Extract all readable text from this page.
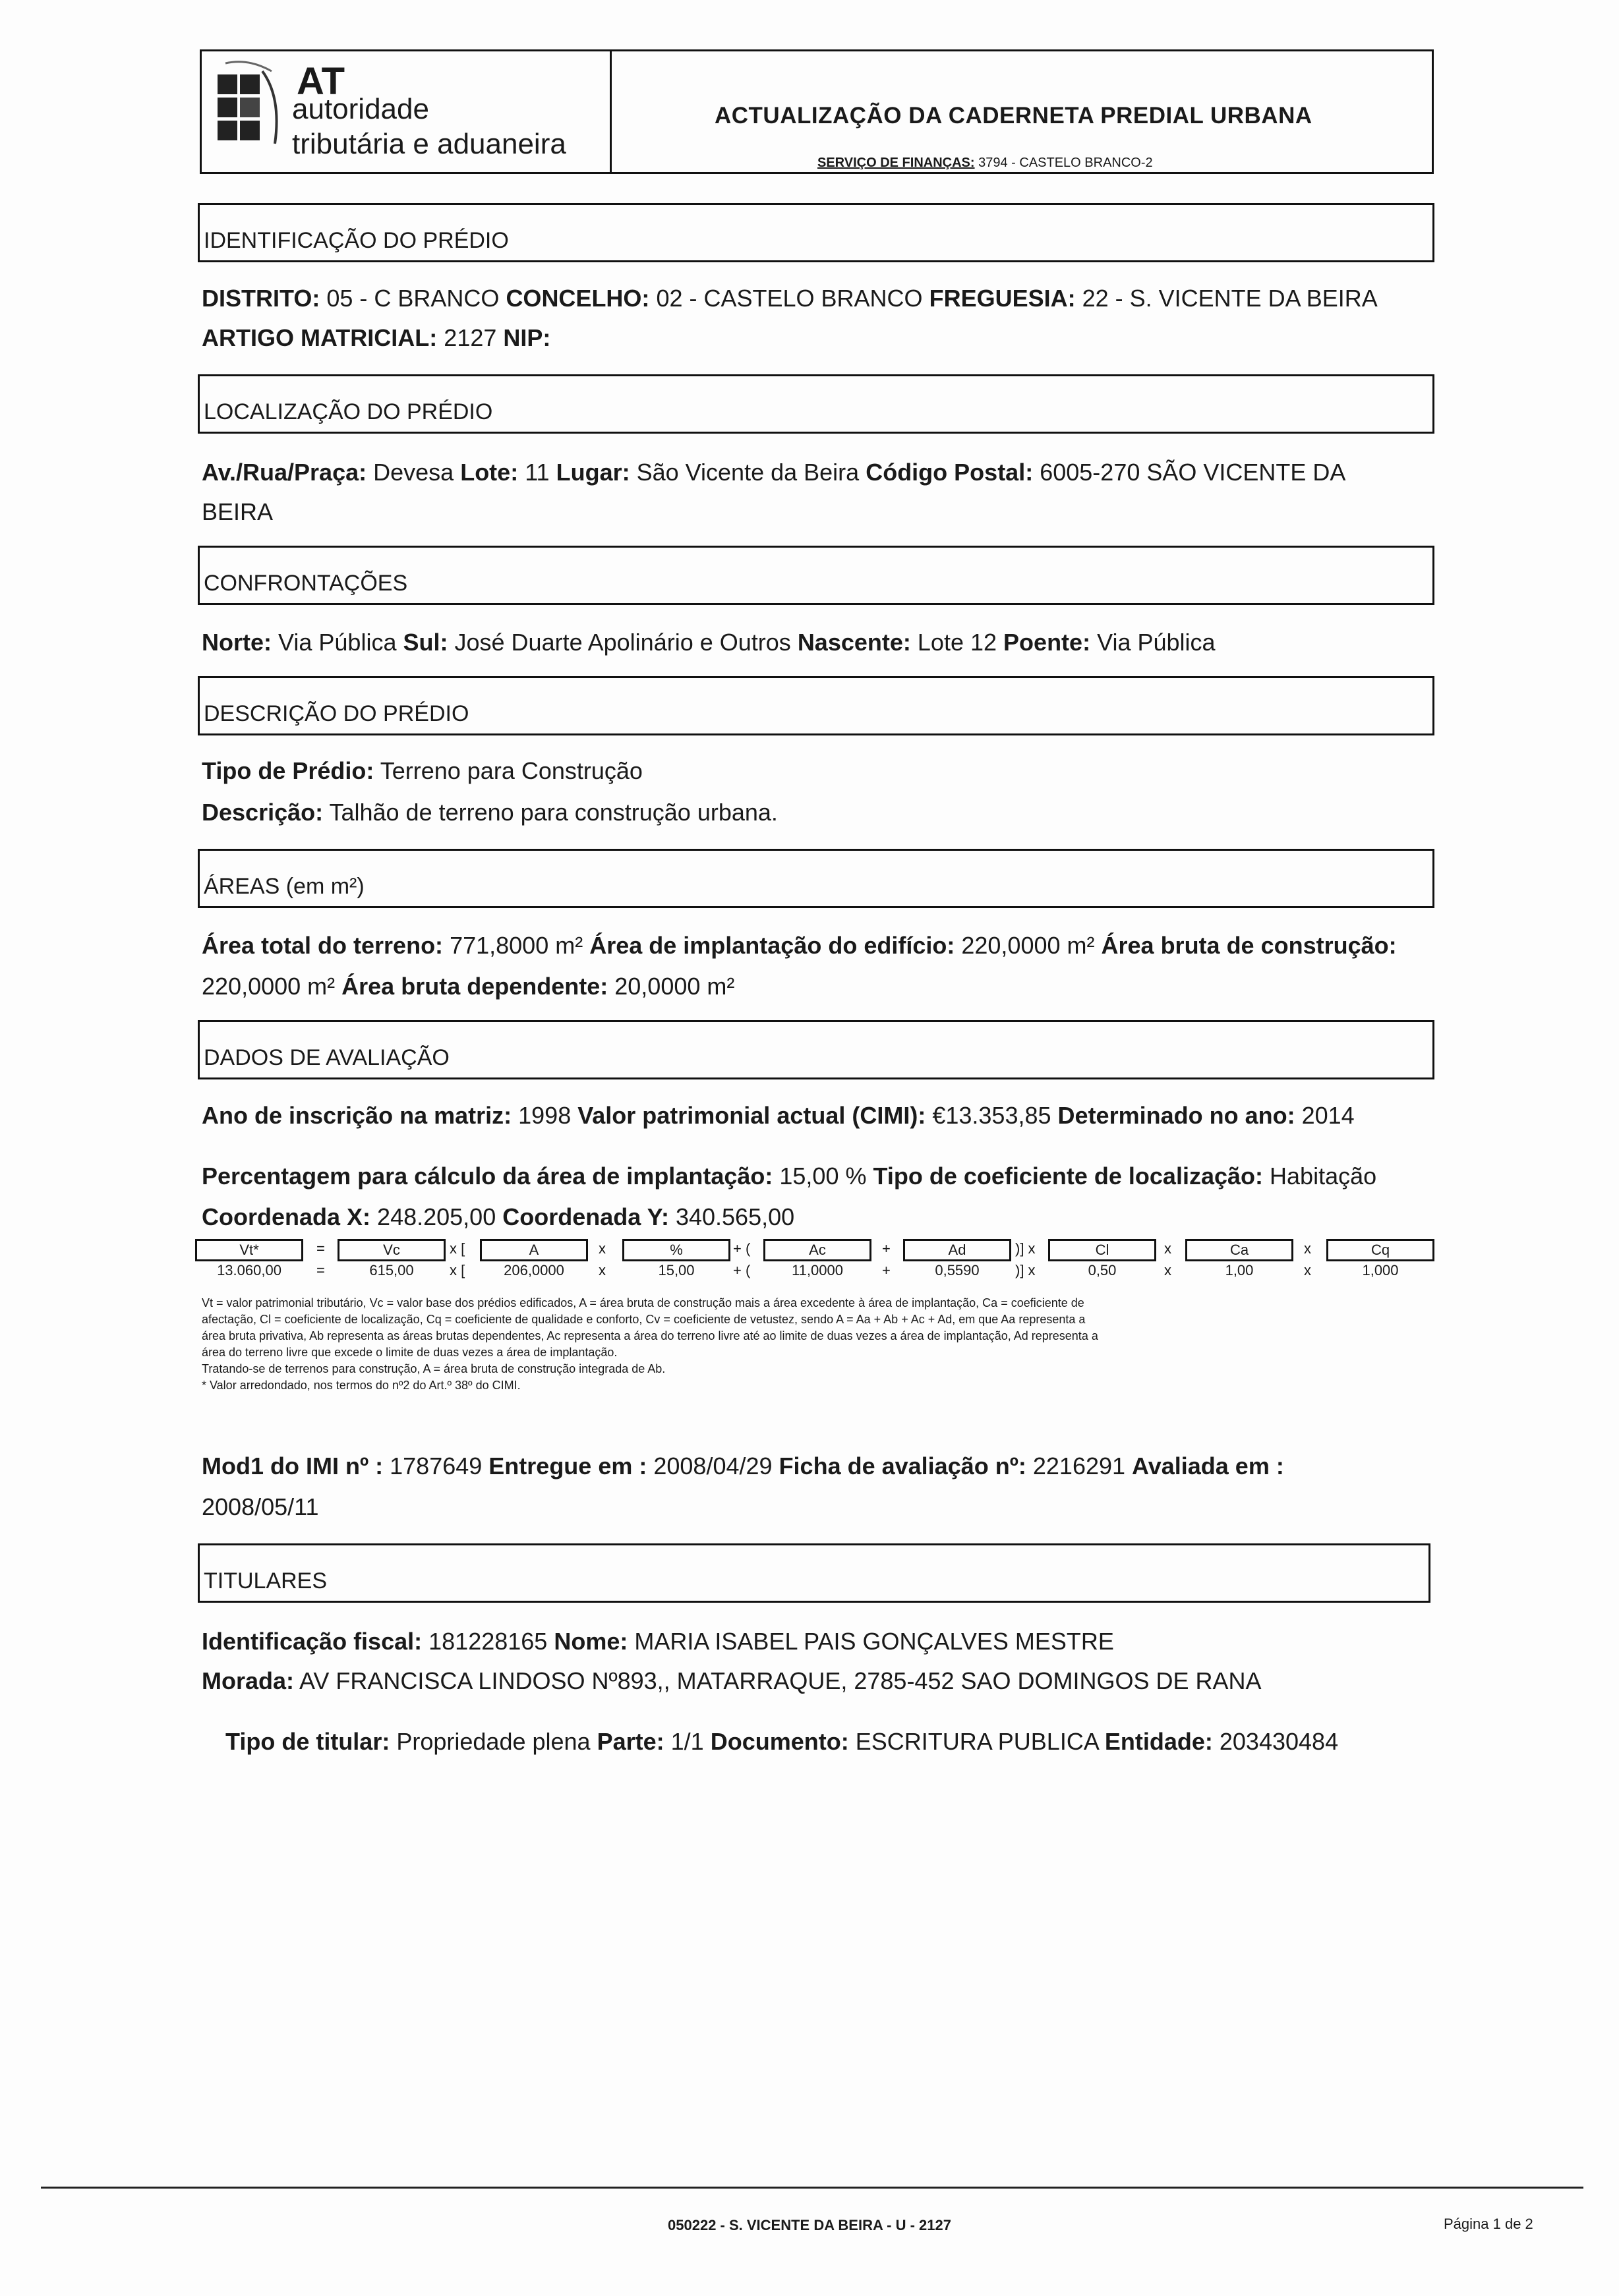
AT
autoridade
tributária e aduaneira
ACTUALIZAÇÃO DA CADERNETA PREDIAL URBANA
SERVIÇO DE FINANÇAS: 3794 - CASTELO BRANCO-2
IDENTIFICAÇÃO DO PRÉDIO
DISTRITO: 05 - C BRANCO CONCELHO: 02 - CASTELO BRANCO FREGUESIA: 22 - S. VICENTE DA BEIRA
ARTIGO MATRICIAL: 2127 NIP:
LOCALIZAÇÃO DO PRÉDIO
Av./Rua/Praça: Devesa Lote: 11 Lugar: São Vicente da Beira Código Postal: 6005-270 SÃO VICENTE DA
BEIRA
CONFRONTAÇÕES
Norte: Via Pública Sul: José Duarte Apolinário e Outros Nascente: Lote 12 Poente: Via Pública
DESCRIÇÃO DO PRÉDIO
Tipo de Prédio: Terreno para Construção
Descrição: Talhão de terreno para construção urbana.
ÁREAS (em m²)
Área total do terreno: 771,8000 m² Área de implantação do edifício: 220,0000 m² Área bruta de construção:
220,0000 m² Área bruta dependente: 20,0000 m²
DADOS DE AVALIAÇÃO
Ano de inscrição na matriz: 1998 Valor patrimonial actual (CIMI): €13.353,85 Determinado no ano: 2014
Percentagem para cálculo da área de implantação: 15,00 % Tipo de coeficiente de localização: Habitação
Coordenada X: 248.205,00 Coordenada Y: 340.565,00
Vt*	=	Vc	x [	A	x	%	+ (	Ac	+	Ad	)] x	Cl	x	Ca	x	Cq
13.060,00	=	615,00	x [	206,0000	x	15,00	+ (	11,0000	+	0,5590	)] x	0,50	x	1,00	x	1,000
Vt = valor patrimonial tributário, Vc = valor base dos prédios edificados, A = área bruta de construção mais a área excedente à área de implantação, Ca = coeficiente de
afectação, Cl = coeficiente de localização, Cq = coeficiente de qualidade e conforto, Cv = coeficiente de vetustez, sendo A = Aa + Ab + Ac + Ad, em que Aa representa a
área bruta privativa, Ab representa as áreas brutas dependentes, Ac representa a área do terreno livre até ao limite de duas vezes a área de implantação, Ad representa a
área do terreno livre que excede o limite de duas vezes a área de implantação.
Tratando-se de terrenos para construção, A = área bruta de construção integrada de Ab.
* Valor arredondado, nos termos do nº2 do Art.º 38º do CIMI.
Mod1 do IMI nº : 1787649 Entregue em : 2008/04/29 Ficha de avaliação nº: 2216291 Avaliada em :
2008/05/11
TITULARES
Identificação fiscal: 181228165 Nome: MARIA ISABEL PAIS GONÇALVES MESTRE
Morada: AV FRANCISCA LINDOSO Nº893,, MATARRAQUE, 2785-452 SAO DOMINGOS DE RANA
Tipo de titular: Propriedade plena Parte: 1/1 Documento: ESCRITURA PUBLICA Entidade: 203430484
050222 - S. VICENTE DA BEIRA - U - 2127	Página 1 de 2
